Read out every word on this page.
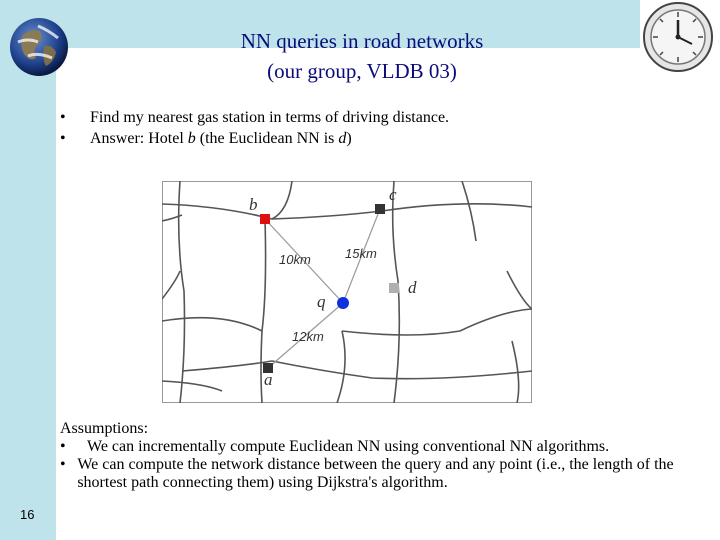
NN queries in road networks
(our group, VLDB 03)
•	Find my nearest gas station in terms of driving distance.
•	Answer: Hotel b (the Euclidean NN is d)
b
c
d
q
a
10km	15km
12km
Assumptions:
•	We can incrementally compute Euclidean NN using conventional NN algorithms.
• We can compute the network distance between the query and any point (i.e., the length of the shortest path connecting them) using Dijkstra's algorithm.
16
